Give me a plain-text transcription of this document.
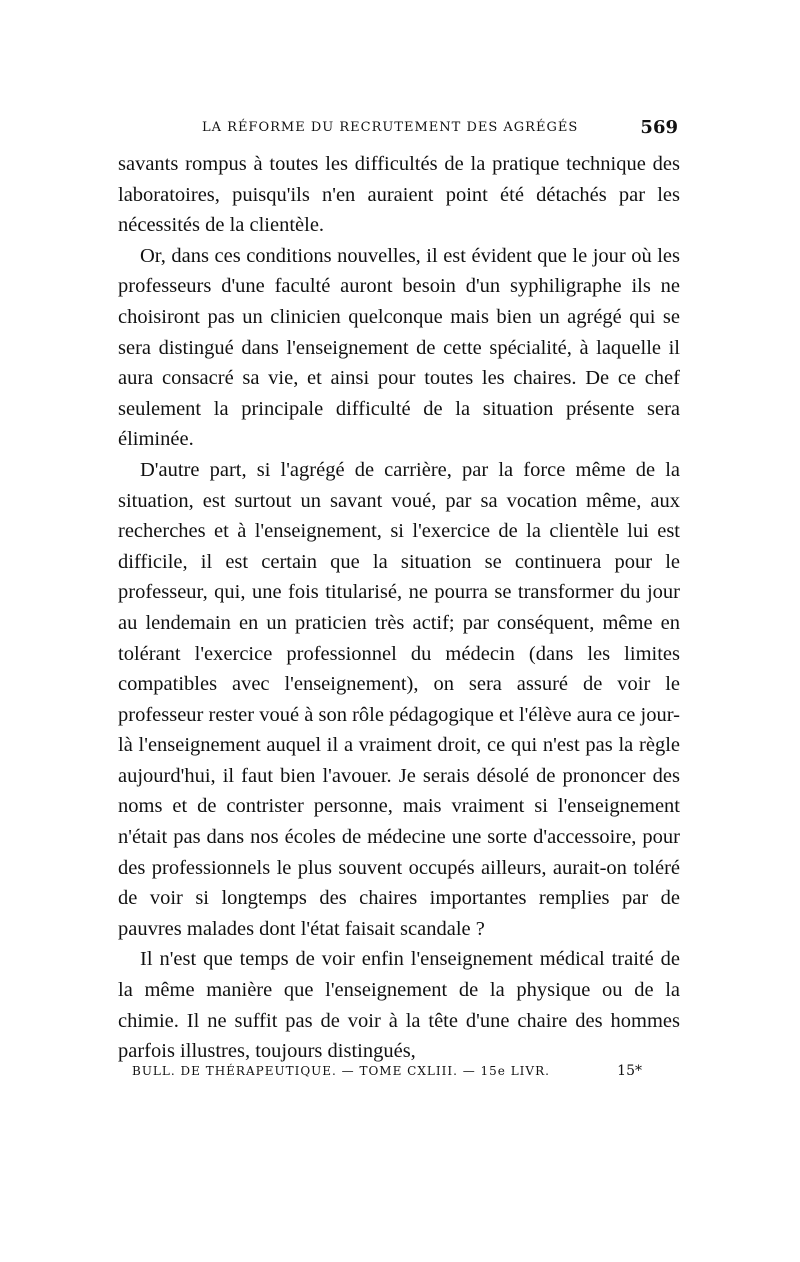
LA RÉFORME DU RECRUTEMENT DES AGRÉGÉS	569

savants rompus à toutes les difficultés de la pratique technique des laboratoires, puisqu'ils n'en auraient point été détachés par les nécessités de la clientèle.

Or, dans ces conditions nouvelles, il est évident que le jour où les professeurs d'une faculté auront besoin d'un syphiligraphe ils ne choisiront pas un clinicien quelconque mais bien un agrégé qui se sera distingué dans l'enseignement de cette spécialité, à laquelle il aura consacré sa vie, et ainsi pour toutes les chaires. De ce chef seulement la principale difficulté de la situation présente sera éliminée.

D'autre part, si l'agrégé de carrière, par la force même de la situation, est surtout un savant voué, par sa vocation même, aux recherches et à l'enseignement, si l'exercice de la clientèle lui est difficile, il est certain que la situation se continuera pour le professeur, qui, une fois titularisé, ne pourra se transformer du jour au lendemain en un praticien très actif; par conséquent, même en tolérant l'exercice professionnel du médecin (dans les limites compatibles avec l'enseignement), on sera assuré de voir le professeur rester voué à son rôle pédagogique et l'élève aura ce jour-là l'enseignement auquel il a vraiment droit, ce qui n'est pas la règle aujourd'hui, il faut bien l'avouer. Je serais désolé de prononcer des noms et de contrister personne, mais vraiment si l'enseignement n'était pas dans nos écoles de médecine une sorte d'accessoire, pour des professionnels le plus souvent occupés ailleurs, aurait-on toléré de voir si longtemps des chaires importantes remplies par de pauvres malades dont l'état faisait scandale ?

Il n'est que temps de voir enfin l'enseignement médical traité de la même manière que l'enseignement de la physique ou de la chimie. Il ne suffit pas de voir à la tête d'une chaire des hommes parfois illustres, toujours distingués,

BULL. DE THÉRAPEUTIQUE. — TOME CXLIII. — 15e LIVR.	15*
